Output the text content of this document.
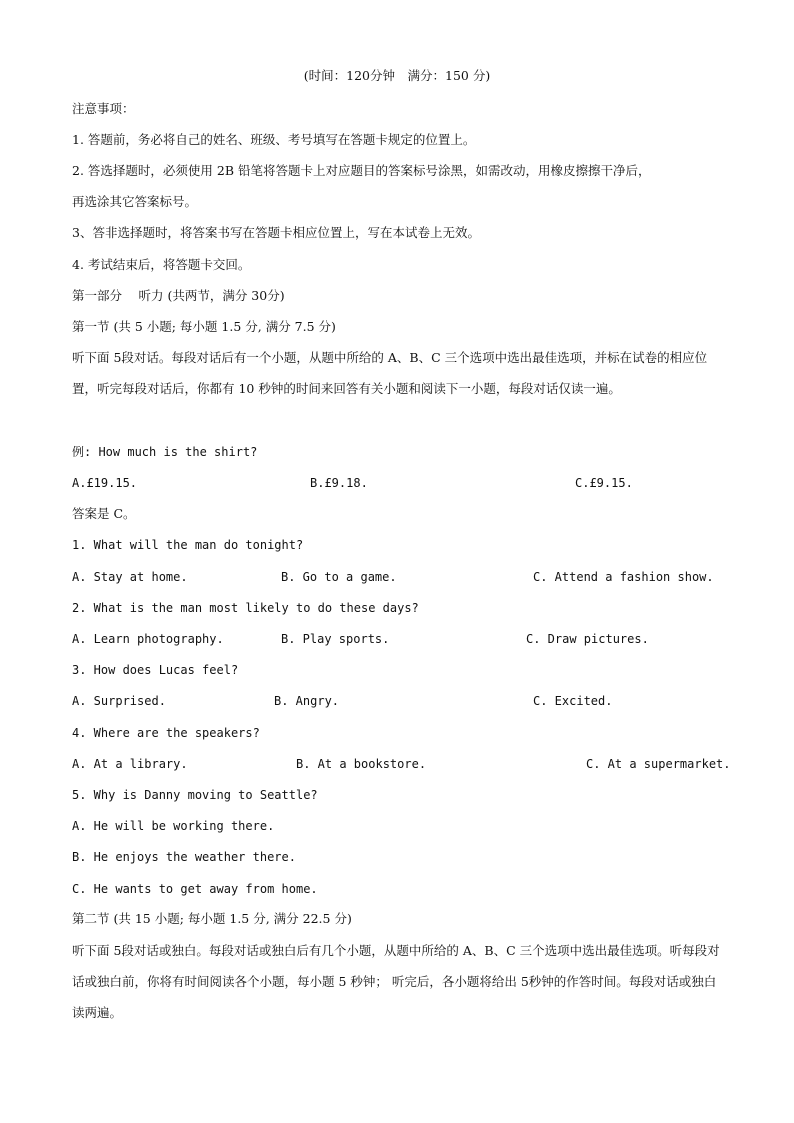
(时间：120分钟　满分：150 分)
注意事项：
1. 答题前，务必将自己的姓名、班级、考号填写在答题卡规定的位置上。
2. 答选择题时，必须使用 2B 铅笔将答题卡上对应题目的答案标号涂黑，如需改动，用橡皮擦擦干净后，
再选涂其它答案标号。
3、答非选择题时，将答案书写在答题卡相应位置上，写在本试卷上无效。
4. 考试结束后，将答题卡交回。
第一部分　 听力 (共两节，满分 30分)
第一节 (共 5 小题; 每小题 1.5 分, 满分 7.5 分)
听下面 5段对话。每段对话后有一个小题，从题中所给的 A、B、C 三个选项中选出最佳选项，并标在试卷的相应位置，听完每段对话后，你都有 10 秒钟的时间来回答有关小题和阅读下一小题，每段对话仅读一遍。
例: How much is the shirt?
A.£19.15.	B.£9.18.	C.£9.15.
答案是 C。
1. What will the man do tonight?
A. Stay at home.	B. Go to a game.	C. Attend a fashion show.
2. What is the man most likely to do these days?
A. Learn photography.	B. Play sports.	C. Draw pictures.
3. How does Lucas feel?
A. Surprised.	B. Angry.	C. Excited.
4. Where are the speakers?
A. At a library.	B. At a bookstore.	C. At a supermarket.
5. Why is Danny moving to Seattle?
A. He will be working there.
B. He enjoys the weather there.
C. He wants to get away from home.
第二节 (共 15 小题; 每小题 1.5 分, 满分 22.5 分)
听下面 5段对话或独白。每段对话或独白后有几个小题，从题中所给的 A、B、C 三个选项中选出最佳选项。听每段对话或独白前，你将有时间阅读各个小题，每小题 5 秒钟； 听完后，各小题将给出 5秒钟的作答时间。每段对话或独白读两遍。
